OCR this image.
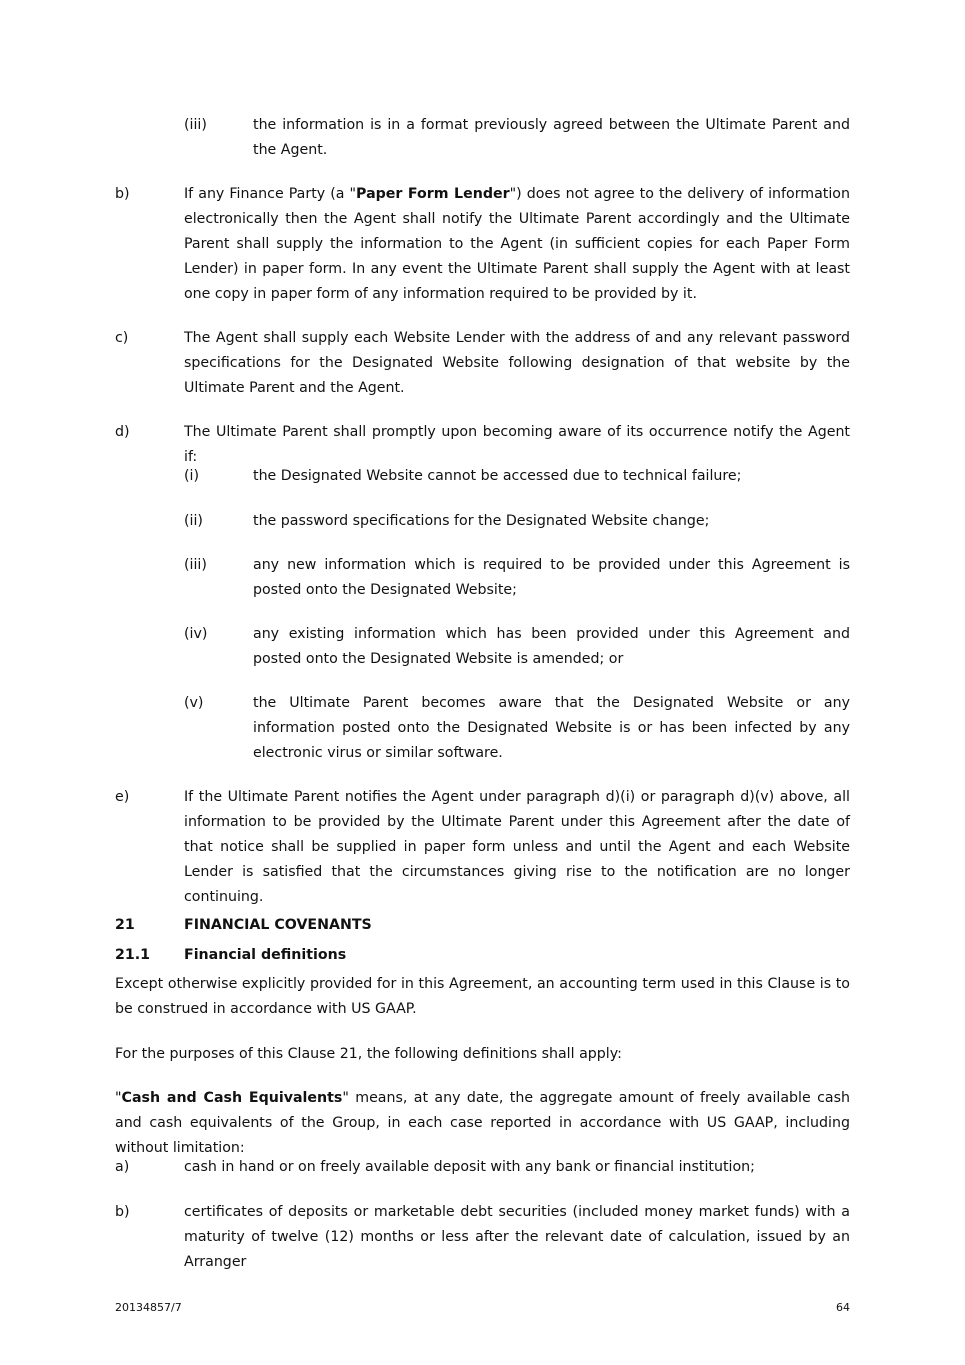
(iii)	the information is in a format previously agreed between the Ultimate Parent and the Agent.

b)	If any Finance Party (a "Paper Form Lender") does not agree to the delivery of information electronically then the Agent shall notify the Ultimate Parent accordingly and the Ultimate Parent shall supply the information to the Agent (in sufficient copies for each Paper Form Lender) in paper form. In any event the Ultimate Parent shall supply the Agent with at least one copy in paper form of any information required to be provided by it.

c)	The Agent shall supply each Website Lender with the address of and any relevant password specifications for the Designated Website following designation of that website by the Ultimate Parent and the Agent.

d)	The Ultimate Parent shall promptly upon becoming aware of its occurrence notify the Agent if:

(i)	the Designated Website cannot be accessed due to technical failure;

(ii)	the password specifications for the Designated Website change;

(iii)	any new information which is required to be provided under this Agreement is posted onto the Designated Website;

(iv)	any existing information which has been provided under this Agreement and posted onto the Designated Website is amended; or

(v)	the Ultimate Parent becomes aware that the Designated Website or any information posted onto the Designated Website is or has been infected by any electronic virus or similar software.

e)	If the Ultimate Parent notifies the Agent under paragraph d)(i) or paragraph d)(v) above, all information to be provided by the Ultimate Parent under this Agreement after the date of that notice shall be supplied in paper form unless and until the Agent and each Website Lender is satisfied that the circumstances giving rise to the notification are no longer continuing.

21	FINANCIAL COVENANTS
21.1 Financial definitions

Except otherwise explicitly provided for in this Agreement, an accounting term used in this Clause is to be construed in accordance with US GAAP.

For the purposes of this Clause 21, the following definitions shall apply:

"Cash and Cash Equivalents" means, at any date, the aggregate amount of freely available cash and cash equivalents of the Group, in each case reported in accordance with US GAAP, including without limitation:

a)	cash in hand or on freely available deposit with any bank or financial institution;

b)	certificates of deposits or marketable debt securities (included money market funds) with a maturity of twelve (12) months or less after the relevant date of calculation, issued by an Arranger

20134857/7	64
